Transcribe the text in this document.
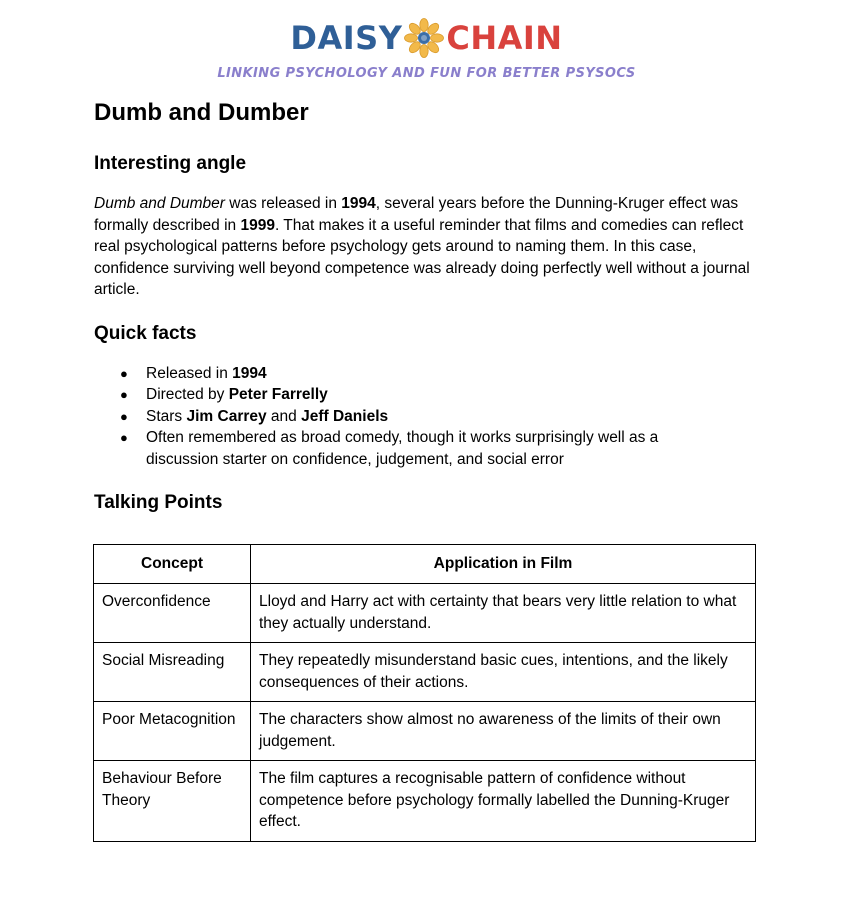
DAISY CHAIN
LINKING PSYCHOLOGY AND FUN FOR BETTER PSYSOCS
Dumb and Dumber
Interesting angle

Dumb and Dumber was released in 1994, several years before the Dunning-Kruger effect was formally described in 1999. That makes it a useful reminder that films and comedies can reflect real psychological patterns before psychology gets around to naming them. In this case, confidence surviving well beyond competence was already doing perfectly well without a journal article.

Quick facts
● Released in 1994
● Directed by Peter Farrelly
● Stars Jim Carrey and Jeff Daniels
● Often remembered as broad comedy, though it works surprisingly well as a discussion starter on confidence, judgement, and social error
Talking Points
Concept	Application in Film
Overconfidence	Lloyd and Harry act with certainty that bears very little relation to what they actually understand.
Social Misreading	They repeatedly misunderstand basic cues, intentions, and the likely consequences of their actions.
Poor Metacognition	The characters show almost no awareness of the limits of their own judgement.
Behaviour Before Theory	The film captures a recognisable pattern of confidence without competence before psychology formally labelled the Dunning-Kruger effect.
